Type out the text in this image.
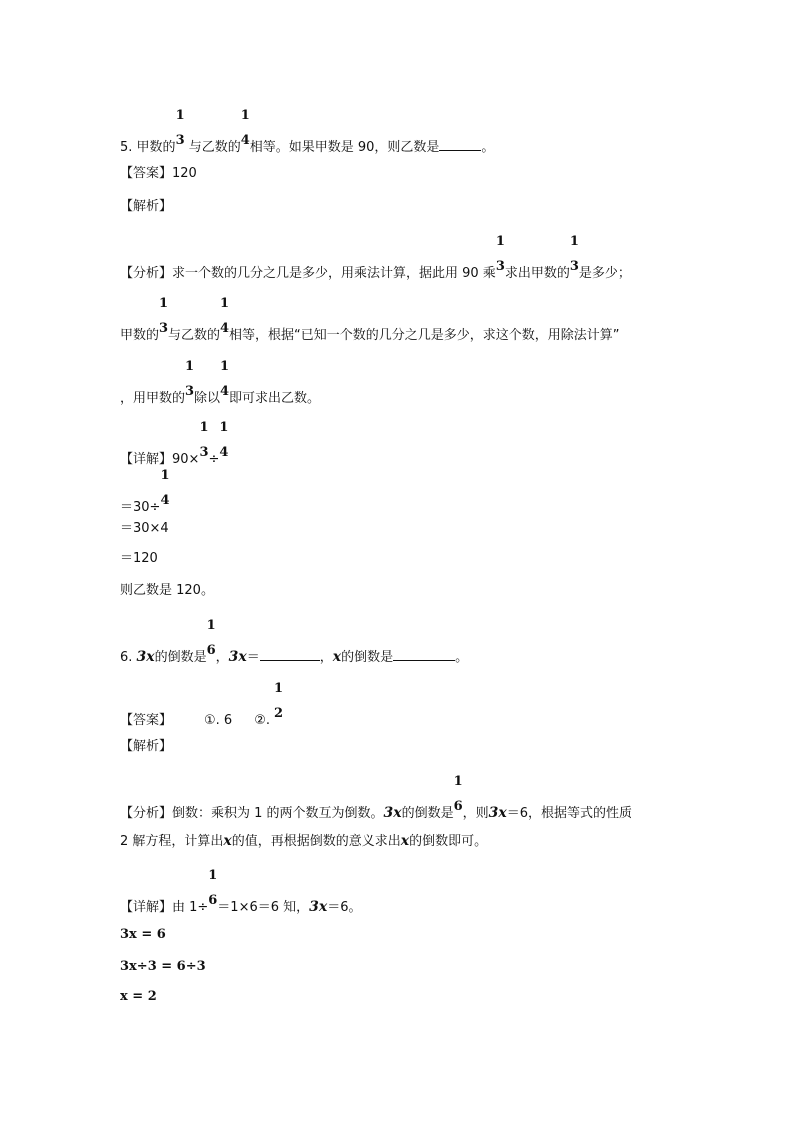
5. 甲数的
1
3 与乙数的
1
4 相等。如果甲数是 90，则乙数是	。
【答案】120
【解析】
【分析】求一个数的几分之几是多少，用乘法计算，据此用 90 乘
1
3 求出甲数的
1
3 是多少；
甲数的
1
3 与乙数的
1
4 相等，根据“已知一个数的几分之几是多少，求这个数，用除法计算”
，用甲数的
1
3 除以
1
4 即可求出乙数。
【详解】90×
1
3 ÷
1
4
＝30÷
1
4
＝30×4
＝120
则乙数是 120。
6. 3x的倒数是
1
6 ，3x＝	，x的倒数是	。
【答案】 ①. 6 ②.
1
2
【解析】
【分析】倒数：乘积为 1 的两个数互为倒数。3x的倒数是
1
6 ，则3x＝6，根据等式的性质
2 解方程，计算出x的值，再根据倒数的意义求出x的倒数即可。
【详解】由 1÷
1
6 ＝1×6＝6 知，3x＝6。
3x = 6
3x÷3 = 6÷3
x = 2
